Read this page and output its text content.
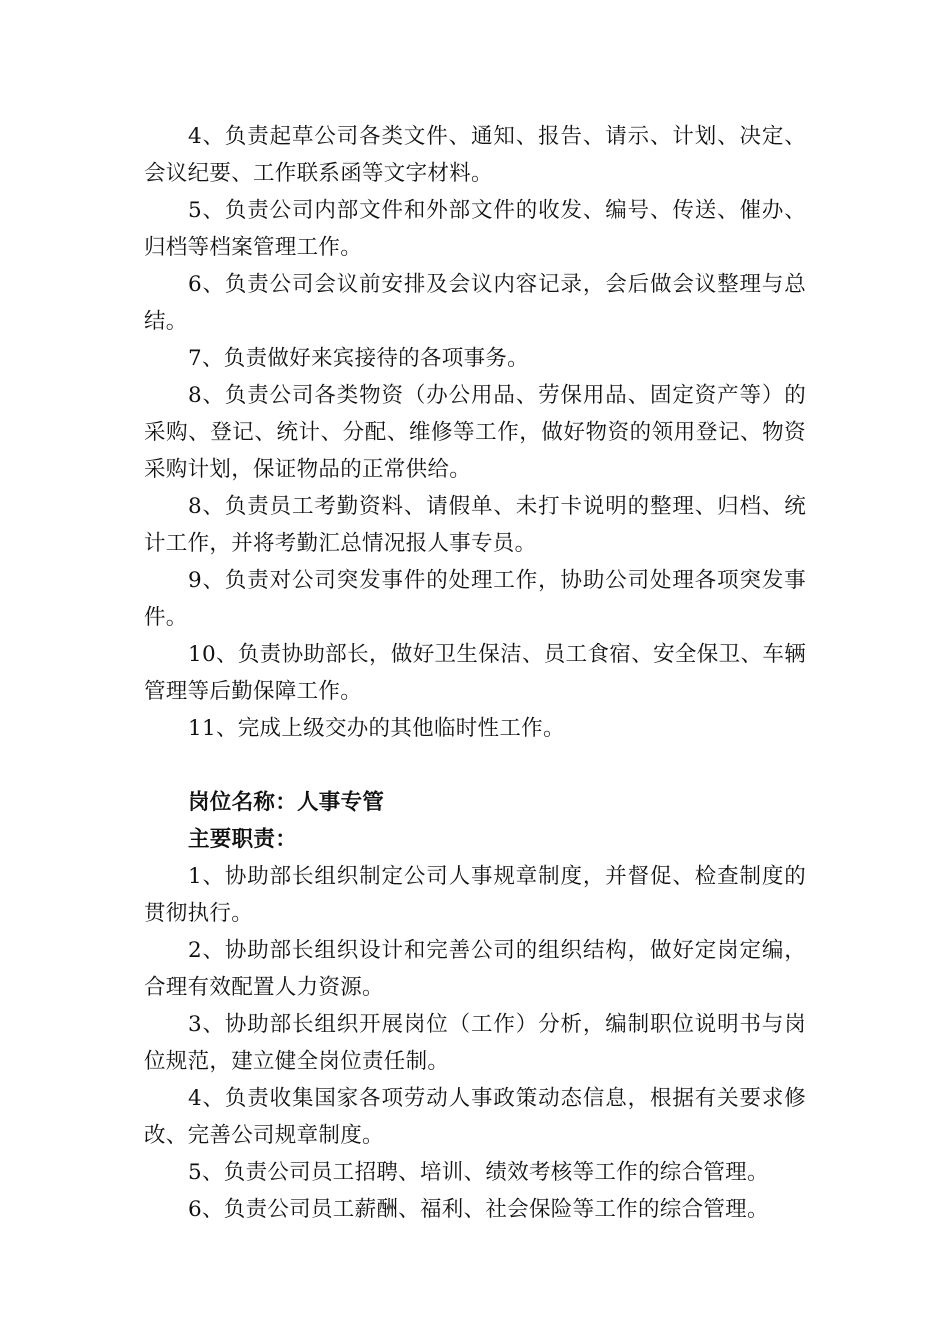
4、负责起草公司各类文件、通知、报告、请示、计划、决定、会议纪要、工作联系函等文字材料。

5、负责公司内部文件和外部文件的收发、编号、传送、催办、归档等档案管理工作。

6、负责公司会议前安排及会议内容记录，会后做会议整理与总结。

7、负责做好来宾接待的各项事务。

8、负责公司各类物资（办公用品、劳保用品、固定资产等）的采购、登记、统计、分配、维修等工作，做好物资的领用登记、物资采购计划，保证物品的正常供给。

8、负责员工考勤资料、请假单、未打卡说明的整理、归档、统计工作，并将考勤汇总情况报人事专员。

9、负责对公司突发事件的处理工作，协助公司处理各项突发事件。

10、负责协助部长，做好卫生保洁、员工食宿、安全保卫、车辆管理等后勤保障工作。

11、完成上级交办的其他临时性工作。

岗位名称：人事专管

主要职责：

1、协助部长组织制定公司人事规章制度，并督促、检查制度的贯彻执行。

2、协助部长组织设计和完善公司的组织结构，做好定岗定编，合理有效配置人力资源。

3、协助部长组织开展岗位（工作）分析，编制职位说明书与岗位规范，建立健全岗位责任制。

4、负责收集国家各项劳动人事政策动态信息，根据有关要求修改、完善公司规章制度。

5、负责公司员工招聘、培训、绩效考核等工作的综合管理。

6、负责公司员工薪酬、福利、社会保险等工作的综合管理。
